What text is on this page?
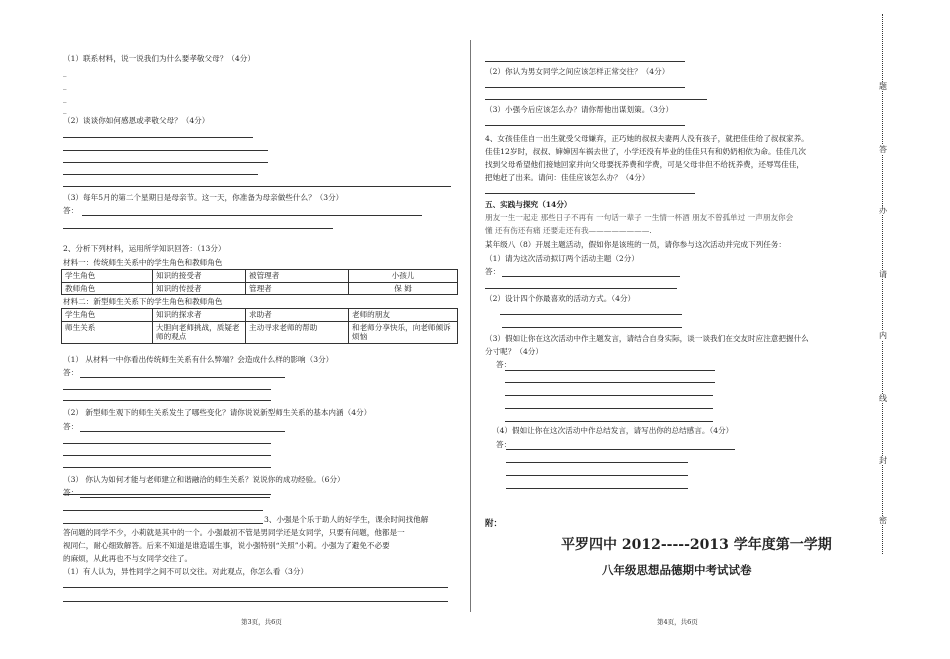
（1）联系材料，说一说我们为什么要孝敬父母？（4分）
_
_
_
_
（2）谈谈你如何感恩或孝敬父母？（4分）
（3）每年5月的第二个星期日是母亲节。这一天，你准备为母亲做些什么？（3分）
答：
2、分析下列材料，运用所学知识回答：（13分）
材料一：传统师生关系中的学生角色和教师角色
学生角色	知识的接受者	被管理者	小孩儿
教师角色	知识的传授者	管理者	保 姆
材料二：新型师生关系下的学生角色和教师角色
学生角色	知识的探求者	求助者	老师的朋友
师生关系	大胆向老师挑战，质疑老师的观点	主动寻求老师的帮助	和老师分享快乐，向老师倾诉烦恼
（1） 从材料一中你看出传统师生关系有什么弊端？会造成什么样的影响（3分）
答：
（2） 新型师生观下的师生关系发生了哪些变化？请你说说新型师生关系的基本内涵（4分）
答：
（3） 你认为如何才能与老师建立和谐融洽的师生关系？说说你的成功经验。（6分）
答：
3、小强是个乐于助人的好学生，课余时间找他解
答问题的同学不少，小莉就是其中的一个。小强最初不管是男同学还是女同学，只要有问题，他都是一
视同仁，耐心细致解答。后来不知道是谁造谣生事，说小强特别“关照”小莉。小强为了避免不必要
的麻烦，从此再也不与女同学交往了。
（1）有人认为，异性同学之间不可以交往。对此观点，你怎么看（3分）
第3页，共6页
（2）你认为男女同学之间应该怎样正常交往？（4分）
（3）小强今后应该怎么办？请你帮他出谋划策。（3分）
4、女孩佳佳自一出生就受父母嫌弃，正巧她的叔叔夫妻两人没有孩子，就把佳佳给了叔叔家养。
佳佳12岁时，叔叔、婶婶因车祸去世了，小学还没有毕业的佳佳只有和奶奶相依为命。佳佳几次
找到父母希望他们接她回家并向父母要抚养费和学费，可是父母非但不给抚养费，还辱骂佳佳，
把她赶了出来。请问：佳佳应该怎么办？（4分）
五、实践与探究（14分）
朋友一生一起走 那些日子不再有 一句话一辈子 一生情一杯酒 朋友不曾孤单过 一声朋友你会
懂 还有伤还有痛 还要走还有我————————.
某年级八（8）开展主题活动，假如你是该班的一员，请你参与这次活动并完成下列任务：
（1）请为这次活动拟订两个活动主题（2分）
答：
（2）设计四个你最喜欢的活动方式。（4分）
（3）假如让你在这次活动中作主题发言，请结合自身实际，谈一谈我们在交友时应注意把握什么
分寸呢？（4分）
答：
（4）假如让你在这次活动中作总结发言，请写出你的总结感言。（4分）
答：
附：
平罗四中 2012-----2013 学年度第一学期
八年级思想品德期中考试试卷
第4页，共6页
题
答
办
请
内
线
封
密
